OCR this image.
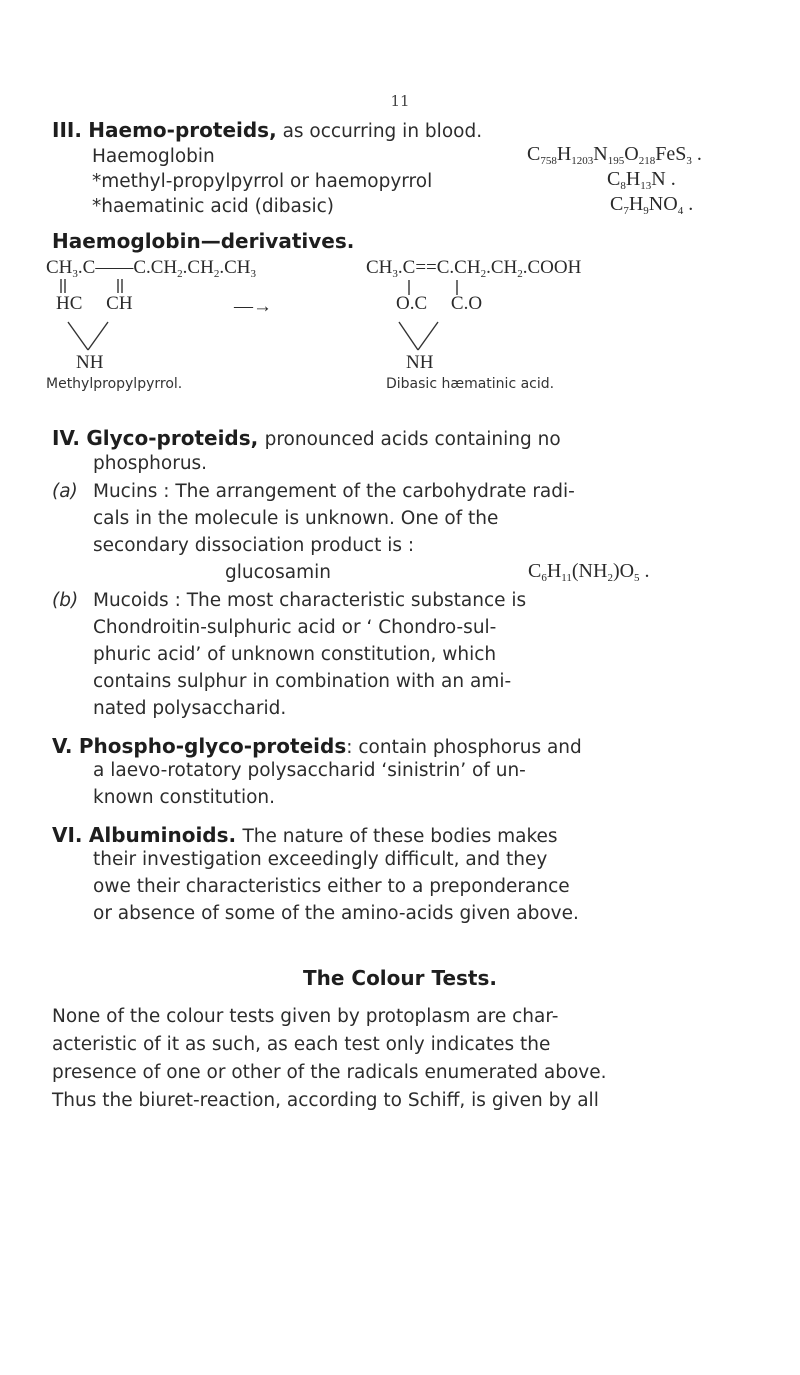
11
III. Haemo-proteids, as occurring in blood.
Haemoglobin	$C_{758}H_{1203}N_{195}O_{218}FeS_3$ .
*methyl-propylpyrrol or haemopyrrol	$C_8H_{13}N$ .
*haematinic acid (dibasic)	$C_7H_9NO_4$ .
Haemoglobin—derivatives.
$CH_3.C——C.CH_2.CH_2.CH_3$
HC     CH
NH
Methylpropylpyrrol.
—→
$CH_3.C==C.CH_2.CH_2.COOH$
O.C     C.O
NH
Dibasic hæmatinic acid.
IV. Glyco-proteids, pronounced acids containing no
phosphorus.
(a) Mucins : The arrangement of the carbohydrate radi-
cals in the molecule is unknown. One of the
secondary dissociation product is :
glucosamin	$C_6H_{11}(NH_2)O_5$ .
(b) Mucoids : The most characteristic substance is
Chondroitin-sulphuric acid or ‘ Chondro-sul-
phuric acid’ of unknown constitution, which
contains sulphur in combination with an ami-
nated polysaccharid.
V. Phospho-glyco-proteids: contain phosphorus and
a laevo-rotatory polysaccharid ‘sinistrin’ of un-
known constitution.
VI. Albuminoids. The nature of these bodies makes
their investigation exceedingly difficult, and they
owe their characteristics either to a preponderance
or absence of some of the amino-acids given above.
The Colour Tests.
None of the colour tests given by protoplasm are char-
acteristic of it as such, as each test only indicates the
presence of one or other of the radicals enumerated above.
Thus the biuret-reaction, according to Schiff, is given by all
